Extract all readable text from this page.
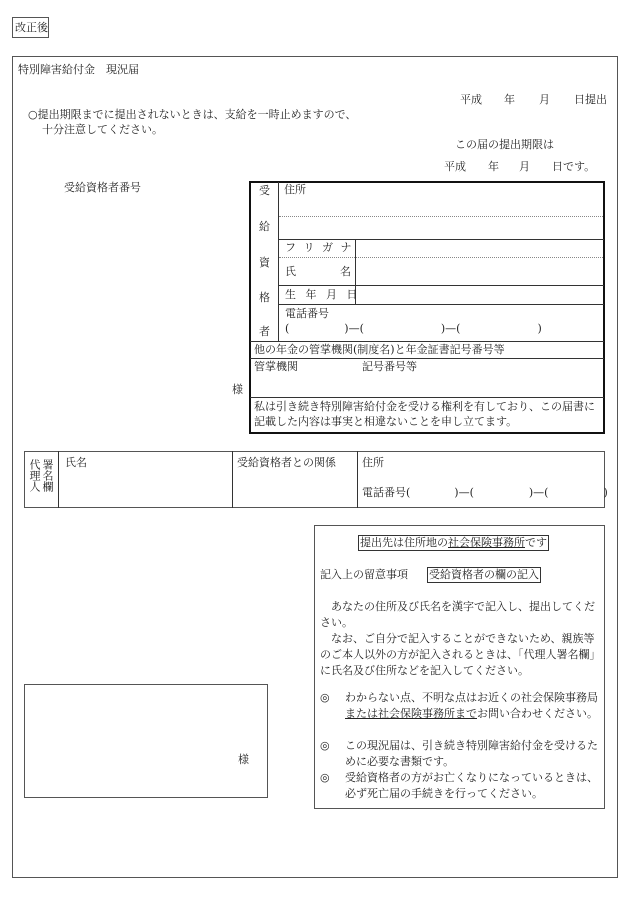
改正後
特別障害給付金　現況届
平成 年 月 日提出
○提出期限までに提出されないときは、支給を一時止めますので、
十分注意してください。
この届の提出期限は
平成 年 月 日です。
受給資格者番号
様
受
給
資
格
者
住所
フ リ ガ ナ
氏	名
生 年 月 日
電話番号
(　　　　　)—(　　　　　　　)—(　　　　　　　)
他の年金の管掌機関(制度名)と年金証書記号番号等
管掌機関	記号番号等
私は引き続き特別障害給付金を受ける権利を有しており、この届書に記載した内容は事実と相違ないことを申し立てます。
署名欄
代理人 氏名	受給資格者との関係 住所
電話番号(　　　　)—(　　　　　)—(　　　　　)
提出先は住所地の社会保険事務所です
記入上の留意事項 受給資格者の欄の記入
　あなたの住所及び氏名を漢字で記入し、提出してください。
　なお、ご自分で記入することができないため、親族等のご本人以外の方が記入されるときは、「代理人署名欄」に氏名及び住所などを記入してください。
◎ わからない点、不明な点はお近くの社会保険事務局または社会保険事務所までお問い合わせください。
◎ この現況届は、引き続き特別障害給付金を受けるために必要な書類です。
◎ 受給資格者の方がお亡くなりになっているときは、必ず死亡届の手続きを行ってください。
様
